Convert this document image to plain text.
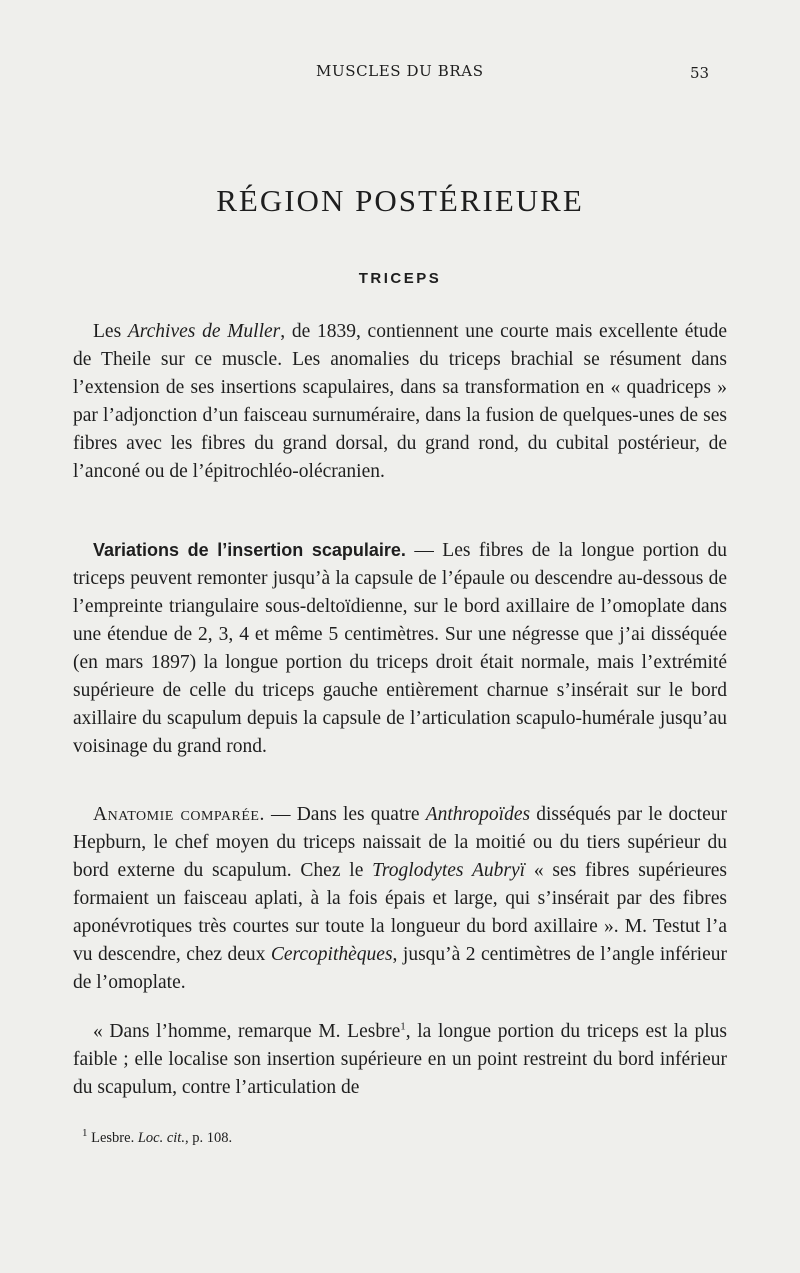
MUSCLES DU BRAS	53
RÉGION POSTÉRIEURE
TRICEPS

Les Archives de Muller, de 1839, contiennent une courte mais excellente étude de Theile sur ce muscle. Les anomalies du triceps brachial se résument dans l’extension de ses insertions scapulaires, dans sa transformation en « quadriceps » par l’adjonction d’un faisceau surnuméraire, dans la fusion de quelques-unes de ses fibres avec les fibres du grand dorsal, du grand rond, du cubital postérieur, de l’anconé ou de l’épitrochléo-olécranien.

Variations de l’insertion scapulaire. — Les fibres de la longue portion du triceps peuvent remonter jusqu’à la capsule de l’épaule ou descendre au-dessous de l’empreinte triangulaire sous-deltoïdienne, sur le bord axillaire de l’omoplate dans une étendue de 2, 3, 4 et même 5 centimètres. Sur une négresse que j’ai disséquée (en mars 1897) la longue portion du triceps droit était normale, mais l’extrémité supérieure de celle du triceps gauche entièrement charnue s’insérait sur le bord axillaire du scapulum depuis la capsule de l’articulation scapulo-humérale jusqu’au voisinage du grand rond.

Anatomie comparée. — Dans les quatre Anthropoïdes disséqués par le docteur Hepburn, le chef moyen du triceps naissait de la moitié ou du tiers supérieur du bord externe du scapulum. Chez le Troglodytes Aubryï « ses fibres supérieures formaient un faisceau aplati, à la fois épais et large, qui s’insérait par des fibres aponévrotiques très courtes sur toute la longueur du bord axillaire ». M. Testut l’a vu descendre, chez deux Cercopithèques, jusqu’à 2 centimètres de l’angle inférieur de l’omoplate.

« Dans l’homme, remarque M. Lesbre$^1$, la longue portion du triceps est la plus faible ; elle localise son insertion supérieure en un point restreint du bord inférieur du scapulum, contre l’articulation de

$^1$ Lesbre. Loc. cit., p. 108.
